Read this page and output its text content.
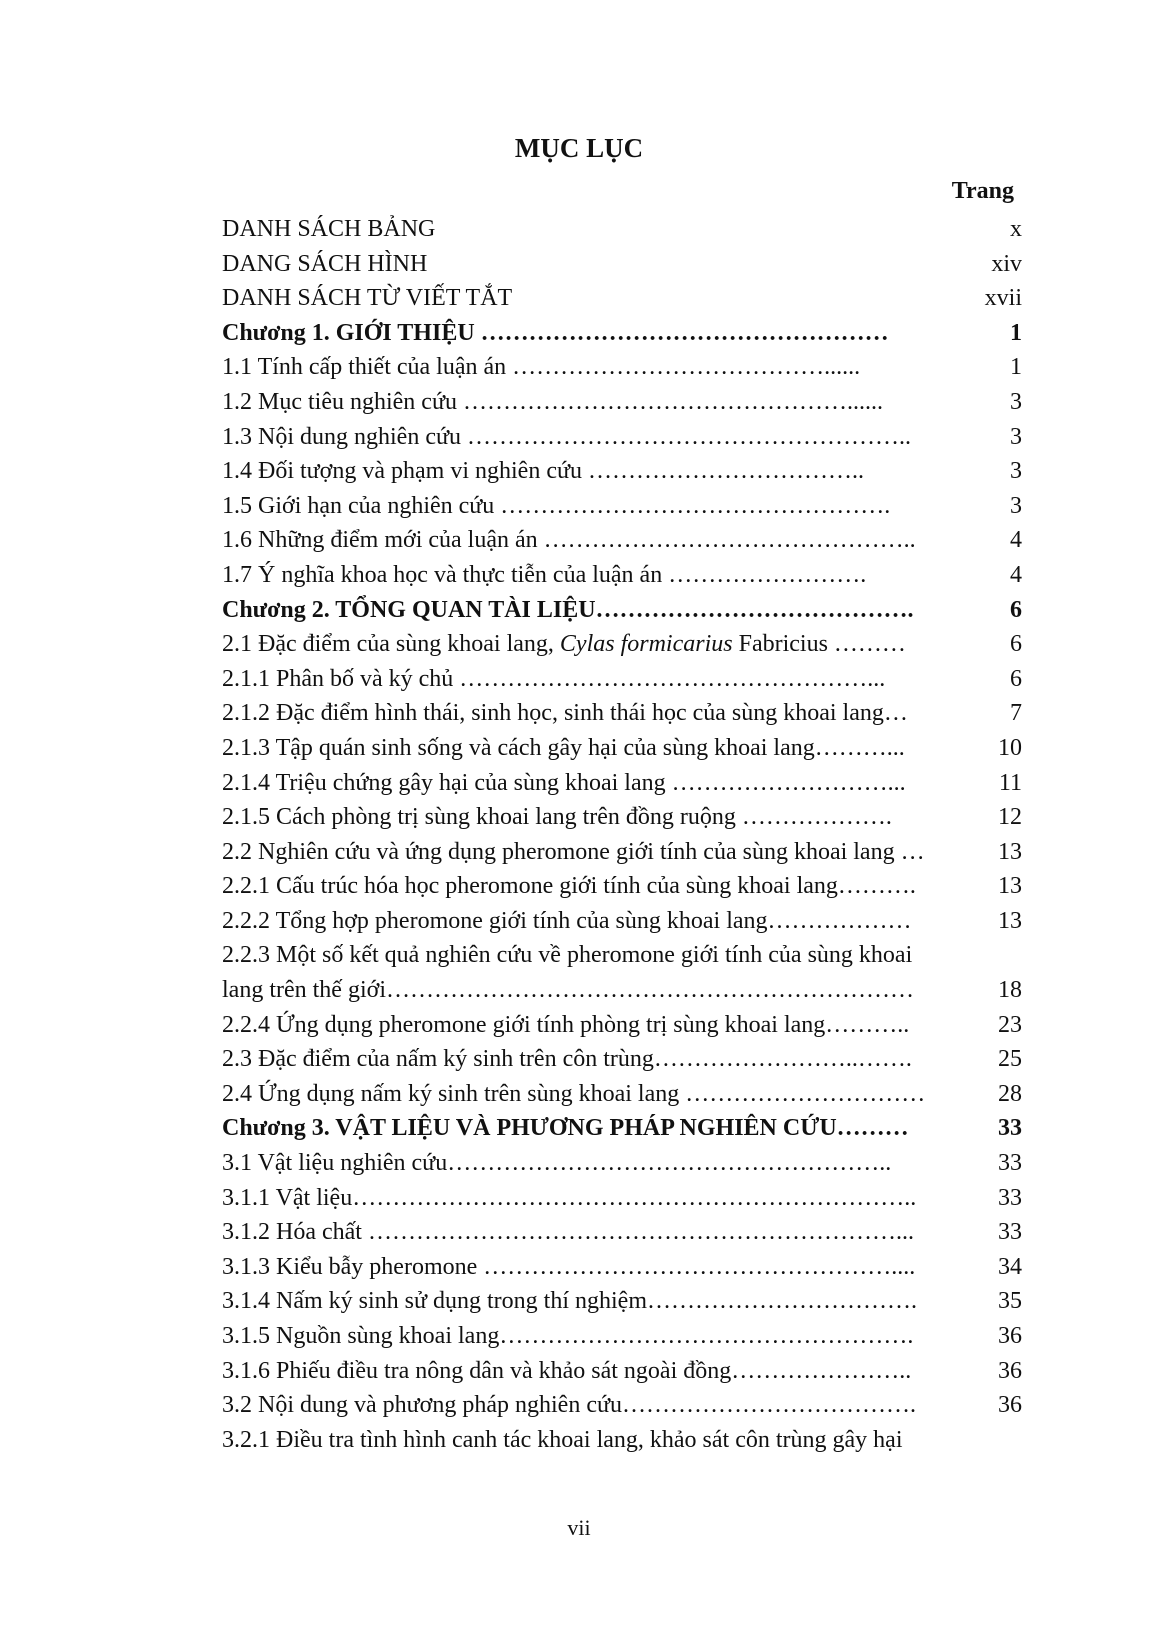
MỤC LỤC
Trang
DANH SÁCH BẢNG	x
DANG SÁCH HÌNH	xiv
DANH SÁCH TỪ VIẾT TẮT	xvii
Chương 1. GIỚI THIỆU ……………………………………………	1
1.1 Tính cấp thiết của luận án …………………………………......	1
1.2 Mục tiêu nghiên cứu …………………………………………......	3
1.3 Nội dung nghiên cứu ………………………………………………..	3
1.4 Đối tượng và phạm vi nghiên cứu ……………………………..	3
1.5 Giới hạn của nghiên cứu ………………………………………….	3
1.6 Những điểm mới của luận án ………………………………………..	4
1.7 Ý nghĩa khoa học và thực tiễn của luận án …………………….	4
Chương 2. TỔNG QUAN TÀI LIỆU………………………………….	6
2.1 Đặc điểm của sùng khoai lang, Cylas formicarius Fabricius ………	6
2.1.1 Phân bố và ký chủ ……………………………………………...	6
2.1.2 Đặc điểm hình thái, sinh học, sinh thái học của sùng khoai lang…	7
2.1.3 Tập quán sinh sống và cách gây hại của sùng khoai lang………...	10
2.1.4 Triệu chứng gây hại của sùng khoai lang ………………………...	11
2.1.5 Cách phòng trị sùng khoai lang trên đồng ruộng ……………….	12
2.2 Nghiên cứu và ứng dụng pheromone giới tính của sùng khoai lang …	13
2.2.1 Cấu trúc hóa học pheromone giới tính của sùng khoai lang……….	13
2.2.2 Tổng hợp pheromone giới tính của sùng khoai lang………………	13
2.2.3 Một số kết quả nghiên cứu về pheromone giới tính của sùng khoai
lang trên thế giới…………………………………………………………	18
2.2.4 Ứng dụng pheromone giới tính phòng trị sùng khoai lang………..	23
2.3 Đặc điểm của nấm ký sinh trên côn trùng……………………..…….	25
2.4 Ứng dụng nấm ký sinh trên sùng khoai lang …………………………	28
Chương 3. VẬT LIỆU VÀ PHƯƠNG PHÁP NGHIÊN CỨU………	33
3.1 Vật liệu nghiên cứu………………………………………………..	33
3.1.1 Vật liệu……………………………………………………………..	33
3.1.2 Hóa chất …………………………………………………………...	33
3.1.3 Kiểu bẫy pheromone ……………………………………………....	34
3.1.4 Nấm ký sinh sử dụng trong thí nghiệm…………………………….	35
3.1.5 Nguồn sùng khoai lang…………………………………………….	36
3.1.6 Phiếu điều tra nông dân và khảo sát ngoài đồng…………………..	36
3.2 Nội dung và phương pháp nghiên cứu……………………………….	36
3.2.1 Điều tra tình hình canh tác khoai lang, khảo sát côn trùng gây hại
vii
